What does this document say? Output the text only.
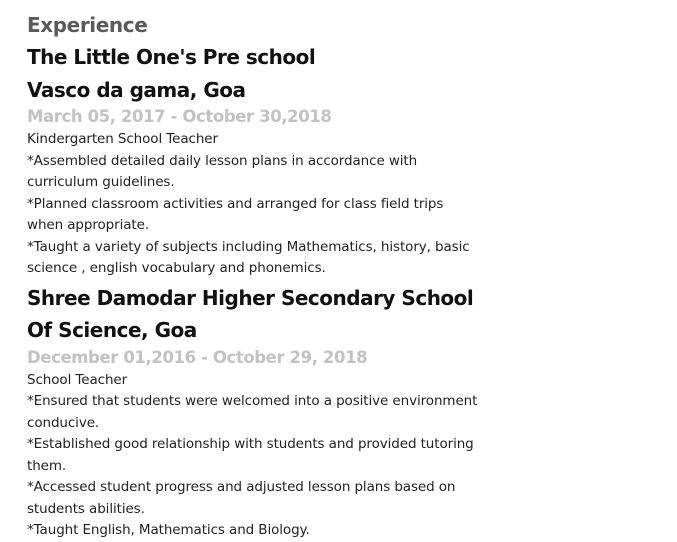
Experience
The Little One's Pre school
Vasco da gama, Goa
March 05, 2017 - October 30,2018
Kindergarten School Teacher
*Assembled detailed daily lesson plans in accordance with curriculum guidelines.
*Planned classroom activities and arranged for class field trips when appropriate.
*Taught a variety of subjects including Mathematics, history, basic science , english vocabulary and phonemics.
Shree Damodar Higher Secondary School Of Science, Goa
December 01,2016 - October 29, 2018
School Teacher
*Ensured that students were welcomed into a positive environment conducive.
*Established good relationship with students and provided tutoring them.
*Accessed student progress and adjusted lesson plans based on students abilities.
*Taught English, Mathematics and Biology.
